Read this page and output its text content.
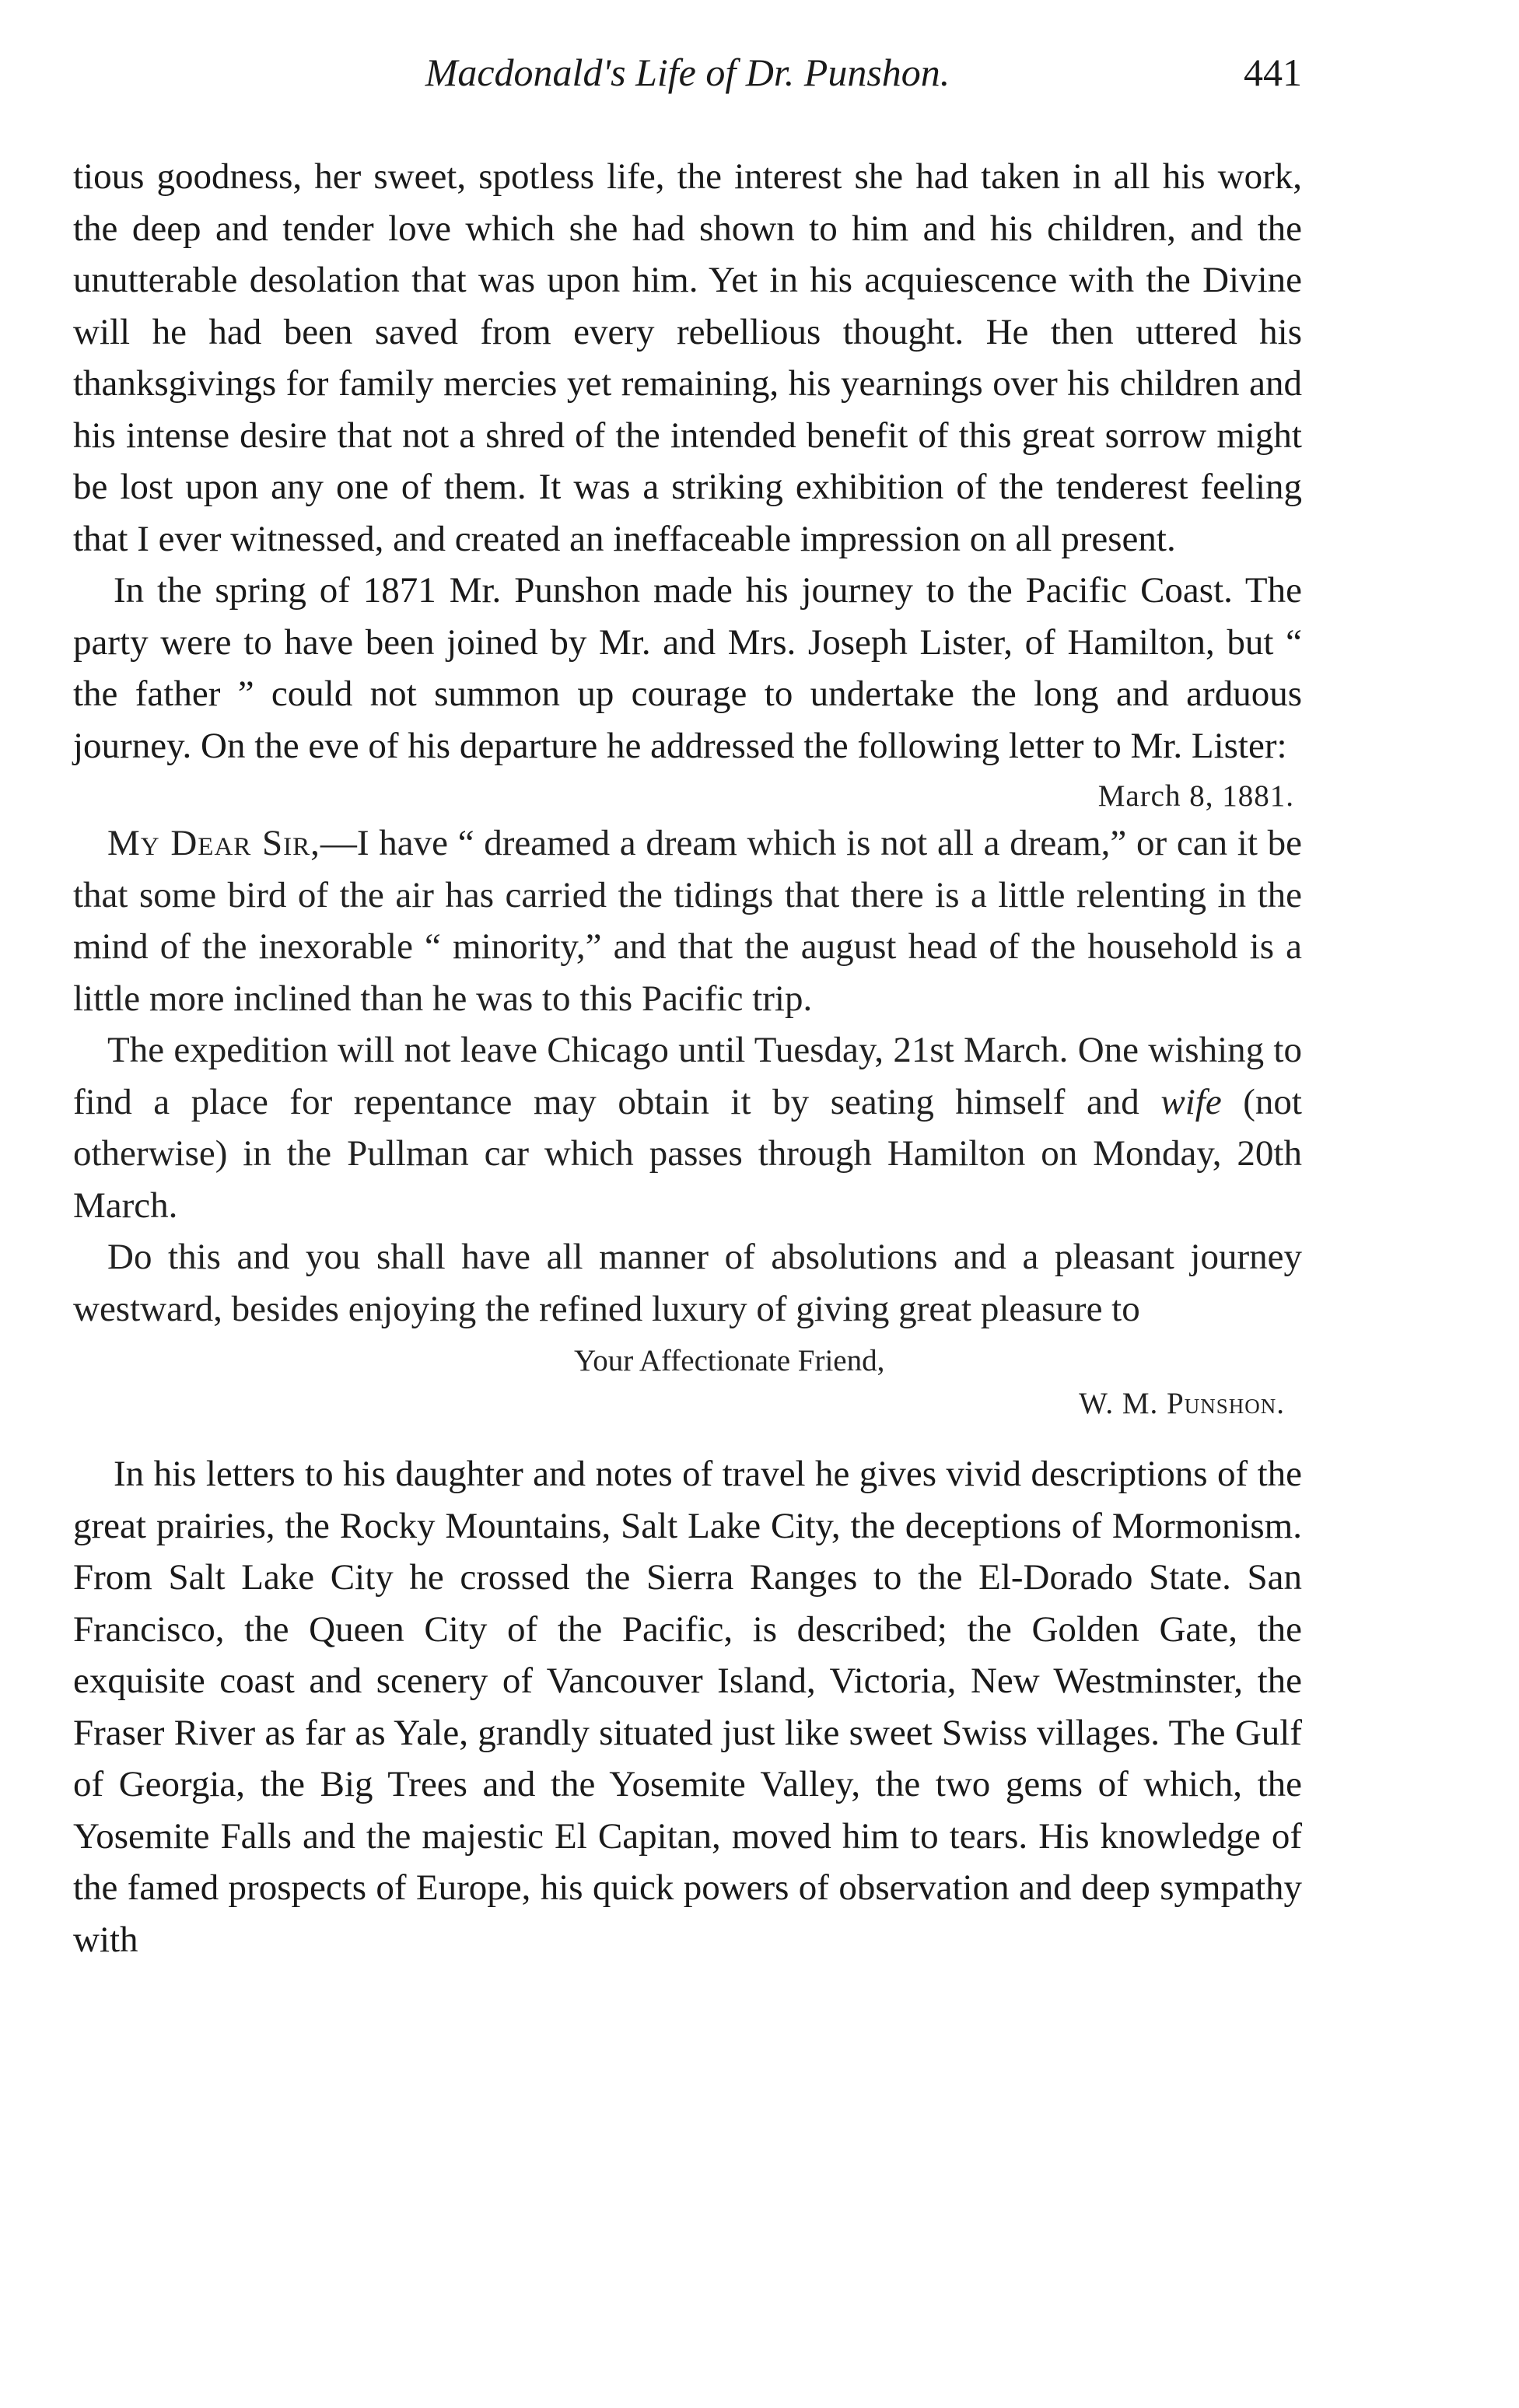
Macdonald's Life of Dr. Punshon.	441

tious goodness, her sweet, spotless life, the interest she had taken in all his work, the deep and tender love which she had shown to him and his children, and the unutterable desolation that was upon him. Yet in his acquiescence with the Divine will he had been saved from every rebellious thought. He then uttered his thanksgivings for family mercies yet remaining, his yearnings over his children and his intense desire that not a shred of the intended benefit of this great sorrow might be lost upon any one of them. It was a striking exhibition of the tenderest feeling that I ever witnessed, and created an ineffaceable impression on all present.

In the spring of 1871 Mr. Punshon made his journey to the Pacific Coast. The party were to have been joined by Mr. and Mrs. Joseph Lister, of Hamilton, but “ the father ” could not summon up courage to undertake the long and arduous journey. On the eve of his departure he addressed the following letter to Mr. Lister:

March 8, 1881.

My Dear Sir,—I have “ dreamed a dream which is not all a dream,” or can it be that some bird of the air has carried the tidings that there is a little relenting in the mind of the inexorable “ minority,” and that the august head of the household is a little more inclined than he was to this Pacific trip.

The expedition will not leave Chicago until Tuesday, 21st March. One wishing to find a place for repentance may obtain it by seating himself and wife (not otherwise) in the Pullman car which passes through Hamilton on Monday, 20th March.

Do this and you shall have all manner of absolutions and a pleasant journey westward, besides enjoying the refined luxury of giving great pleasure to

Your Affectionate Friend,
W. M. Punshon.

In his letters to his daughter and notes of travel he gives vivid descriptions of the great prairies, the Rocky Mountains, Salt Lake City, the deceptions of Mormonism. From Salt Lake City he crossed the Sierra Ranges to the El-Dorado State. San Francisco, the Queen City of the Pacific, is described; the Golden Gate, the exquisite coast and scenery of Vancouver Island, Victoria, New Westminster, the Fraser River as far as Yale, grandly situated just like sweet Swiss villages. The Gulf of Georgia, the Big Trees and the Yosemite Valley, the two gems of which, the Yosemite Falls and the majestic El Capitan, moved him to tears. His knowledge of the famed prospects of Europe, his quick powers of observation and deep sympathy with
